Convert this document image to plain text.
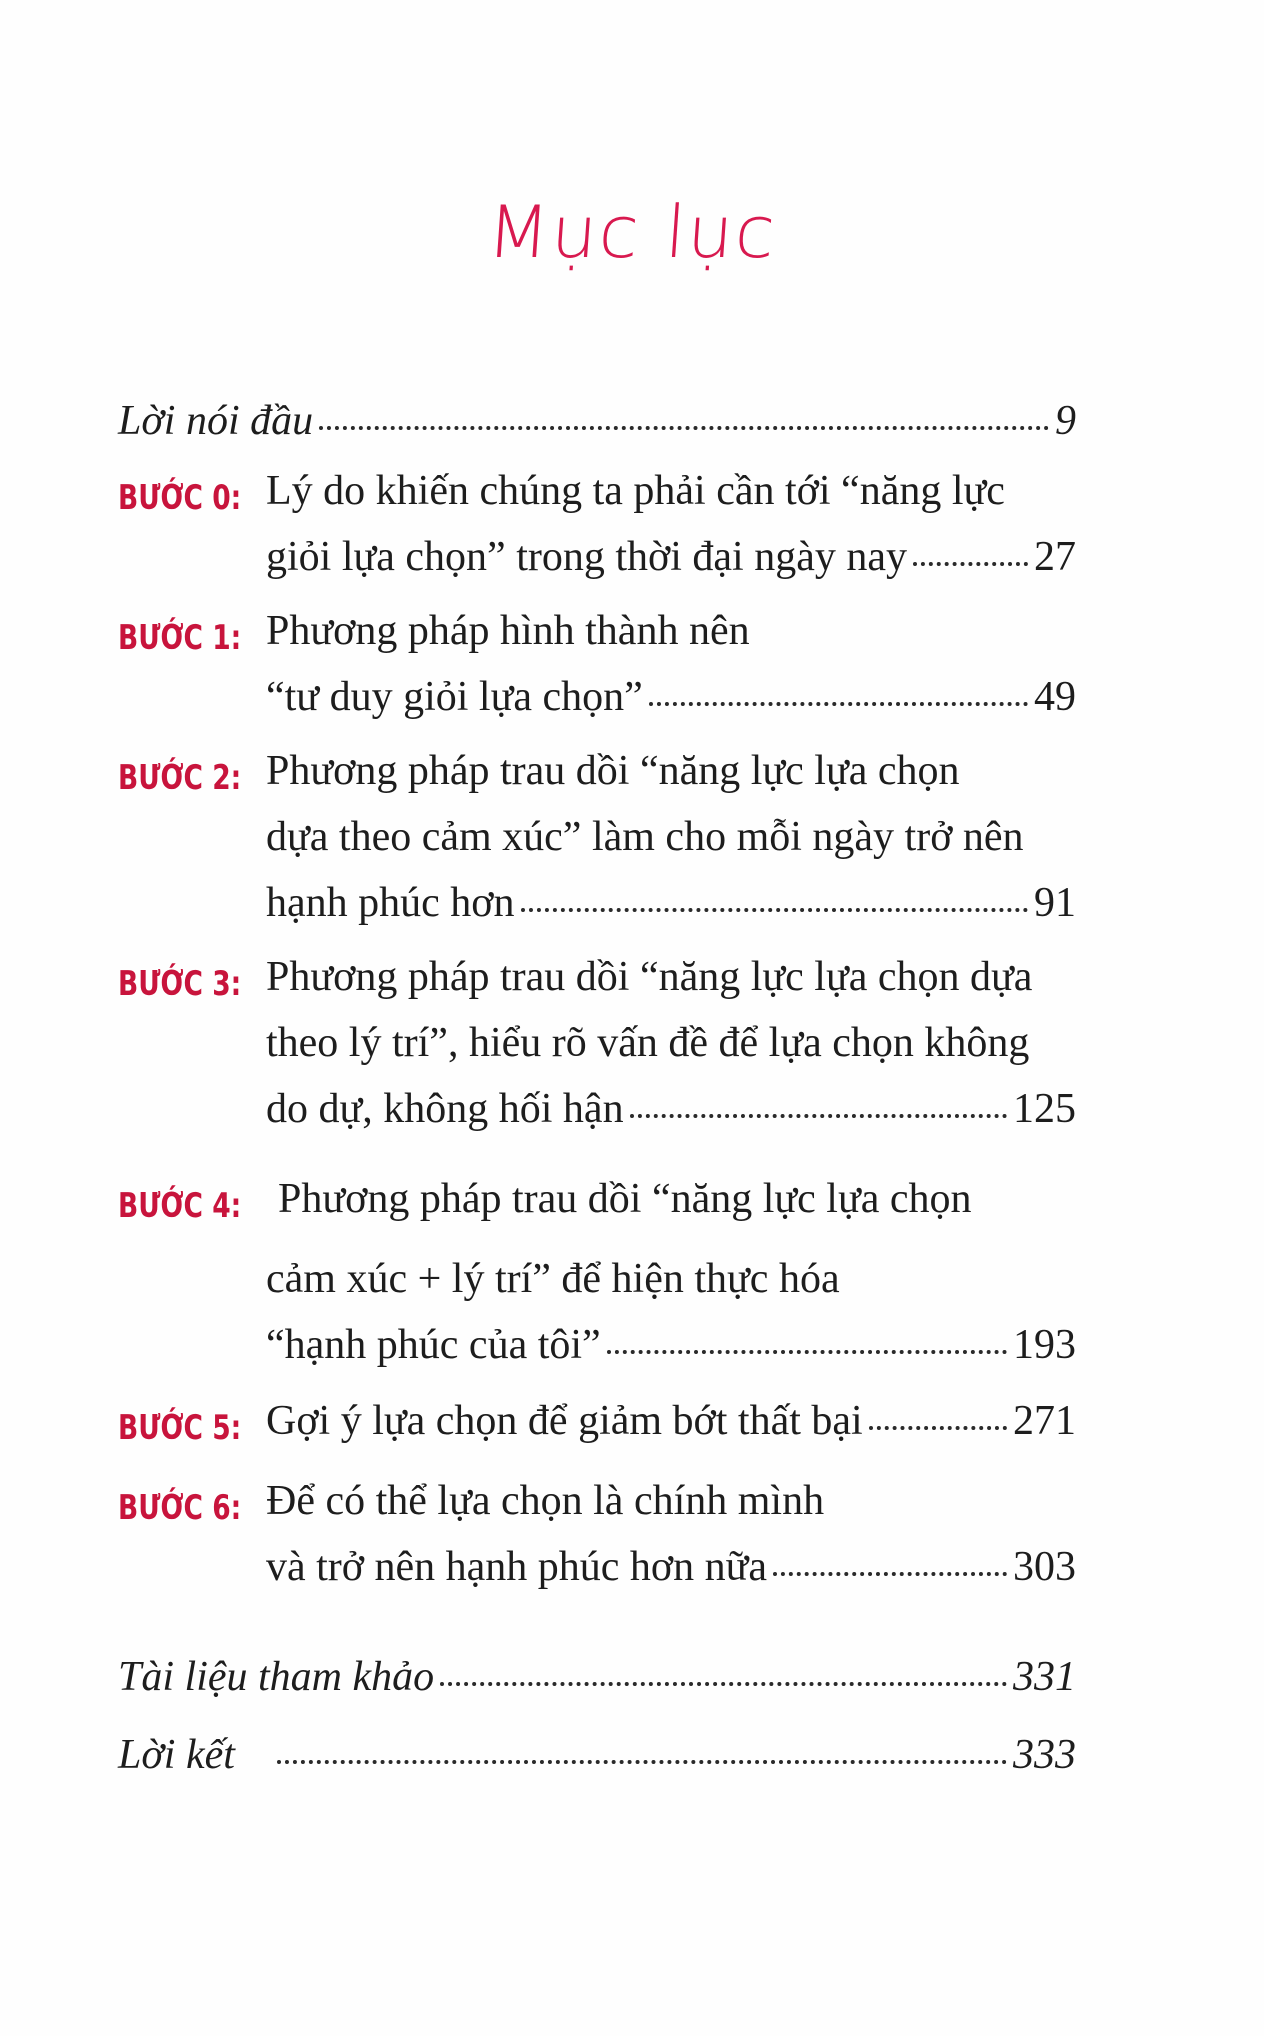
Mục lục
Lời nói đầu	9
BƯỚC 0: Lý do khiến chúng ta phải cần tới “năng lực
giỏi lựa chọn” trong thời đại ngày nay	27
BƯỚC 1: Phương pháp hình thành nên
“tư duy giỏi lựa chọn”	49
BƯỚC 2: Phương pháp trau dồi “năng lực lựa chọn
dựa theo cảm xúc” làm cho mỗi ngày trở nên
hạnh phúc hơn	91
BƯỚC 3: Phương pháp trau dồi “năng lực lựa chọn dựa
theo lý trí”, hiểu rõ vấn đề để lựa chọn không
do dự, không hối hận	125
BƯỚC 4: Phương pháp trau dồi “năng lực lựa chọn
cảm xúc + lý trí” để hiện thực hóa
“hạnh phúc của tôi”	193
BƯỚC 5: Gợi ý lựa chọn để giảm bớt thất bại	271
BƯỚC 6: Để có thể lựa chọn là chính mình
và trở nên hạnh phúc hơn nữa	303
Tài liệu tham khảo	331
Lời kết	333
